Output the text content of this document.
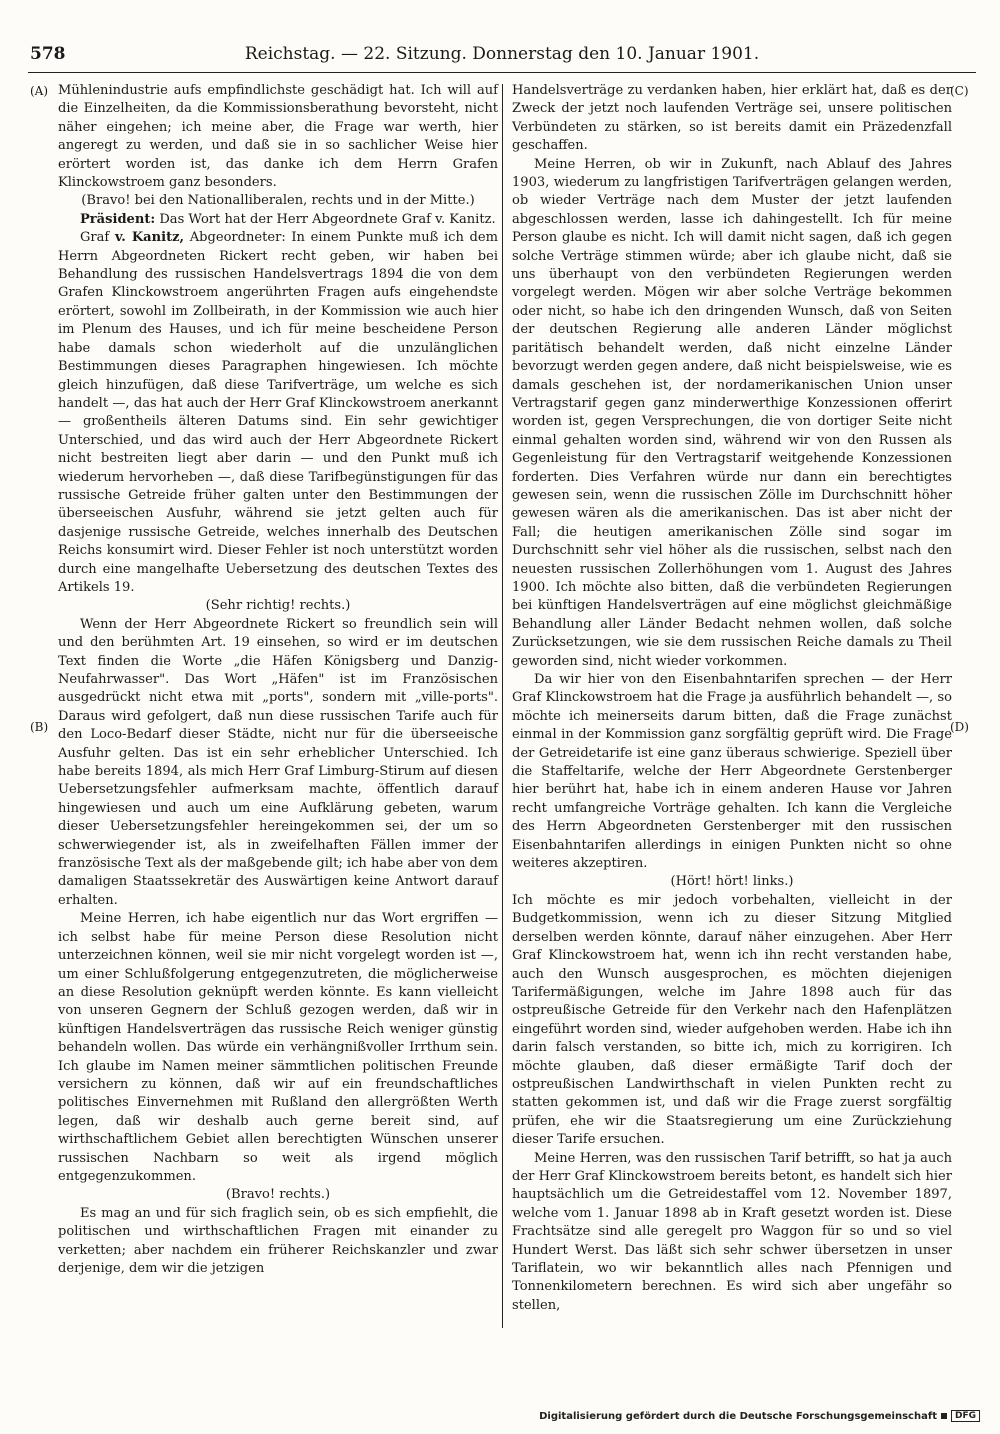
578	Reichstag. — 22. Sitzung. Donnerstag den 10. Januar 1901.
(A)
(B)
(C)
(D)

Mühlenindustrie aufs empfindlichste geschädigt hat. Ich will auf die Einzelheiten, da die Kommissionsberathung bevorsteht, nicht näher eingehen; ich meine aber, die Frage war werth, hier angeregt zu werden, und daß sie in so sachlicher Weise hier erörtert worden ist, das danke ich dem Herrn Grafen Klinckowstroem ganz besonders.

(Bravo! bei den Nationalliberalen, rechts und in der Mitte.)

Präsident: Das Wort hat der Herr Abgeordnete Graf v. Kanitz.

Graf v. Kanitz, Abgeordneter: In einem Punkte muß ich dem Herrn Abgeordneten Rickert recht geben, wir haben bei Behandlung des russischen Handelsvertrags 1894 die von dem Grafen Klinckowstroem angerührten Fragen aufs eingehendste erörtert, sowohl im Zollbeirath, in der Kommission wie auch hier im Plenum des Hauses, und ich für meine bescheidene Person habe damals schon wiederholt auf die unzulänglichen Bestimmungen dieses Paragraphen hingewiesen. Ich möchte gleich hinzufügen, daß diese Tarifverträge, um welche es sich handelt —, das hat auch der Herr Graf Klinckowstroem anerkannt — großentheils älteren Datums sind. Ein sehr gewichtiger Unterschied, und das wird auch der Herr Abgeordnete Rickert nicht bestreiten liegt aber darin — und den Punkt muß ich wiederum hervorheben —, daß diese Tarifbegünstigungen für das russische Getreide früher galten unter den Bestimmungen der überseeischen Ausfuhr, während sie jetzt gelten auch für dasjenige russische Getreide, welches innerhalb des Deutschen Reichs konsumirt wird. Dieser Fehler ist noch unterstützt worden durch eine mangelhafte Uebersetzung des deutschen Textes des Artikels 19.

(Sehr richtig! rechts.)

Wenn der Herr Abgeordnete Rickert so freundlich sein will und den berühmten Art. 19 einsehen, so wird er im deutschen Text finden die Worte „die Häfen Königsberg und Danzig-Neufahrwasser". Das Wort „Häfen" ist im Französischen ausgedrückt nicht etwa mit „ports", sondern mit „ville-ports". Daraus wird gefolgert, daß nun diese russischen Tarife auch für den Loco-Bedarf dieser Städte, nicht nur für die überseeische Ausfuhr gelten. Das ist ein sehr erheblicher Unterschied. Ich habe bereits 1894, als mich Herr Graf Limburg-Stirum auf diesen Uebersetzungsfehler aufmerksam machte, öffentlich darauf hingewiesen und auch um eine Aufklärung gebeten, warum dieser Uebersetzungsfehler hereingekommen sei, der um so schwerwiegender ist, als in zweifelhaften Fällen immer der französische Text als der maßgebende gilt; ich habe aber von dem damaligen Staatssekretär des Auswärtigen keine Antwort darauf erhalten.

Meine Herren, ich habe eigentlich nur das Wort ergriffen — ich selbst habe für meine Person diese Resolution nicht unterzeichnen können, weil sie mir nicht vorgelegt worden ist —, um einer Schlußfolgerung entgegenzutreten, die möglicherweise an diese Resolution geknüpft werden könnte. Es kann vielleicht von unseren Gegnern der Schluß gezogen werden, daß wir in künftigen Handelsverträgen das russische Reich weniger günstig behandeln wollen. Das würde ein verhängnißvoller Irrthum sein. Ich glaube im Namen meiner sämmtlichen politischen Freunde versichern zu können, daß wir auf ein freundschaftliches politisches Einvernehmen mit Rußland den allergrößten Werth legen, daß wir deshalb auch gerne bereit sind, auf wirthschaftlichem Gebiet allen berechtigten Wünschen unserer russischen Nachbarn so weit als irgend möglich entgegenzukommen.

(Bravo! rechts.)

Es mag an und für sich fraglich sein, ob es sich empfiehlt, die politischen und wirthschaftlichen Fragen mit einander zu verketten; aber nachdem ein früherer Reichskanzler und zwar derjenige, dem wir die jetzigen

Handelsverträge zu verdanken haben, hier erklärt hat, daß es der Zweck der jetzt noch laufenden Verträge sei, unsere politischen Verbündeten zu stärken, so ist bereits damit ein Präzedenzfall geschaffen.

Meine Herren, ob wir in Zukunft, nach Ablauf des Jahres 1903, wiederum zu langfristigen Tarifverträgen gelangen werden, ob wieder Verträge nach dem Muster der jetzt laufenden abgeschlossen werden, lasse ich dahingestellt. Ich für meine Person glaube es nicht. Ich will damit nicht sagen, daß ich gegen solche Verträge stimmen würde; aber ich glaube nicht, daß sie uns überhaupt von den verbündeten Regierungen werden vorgelegt werden. Mögen wir aber solche Verträge bekommen oder nicht, so habe ich den dringenden Wunsch, daß von Seiten der deutschen Regierung alle anderen Länder möglichst paritätisch behandelt werden, daß nicht einzelne Länder bevorzugt werden gegen andere, daß nicht beispielsweise, wie es damals geschehen ist, der nordamerikanischen Union unser Vertragstarif gegen ganz minderwerthige Konzessionen offerirt worden ist, gegen Versprechungen, die von dortiger Seite nicht einmal gehalten worden sind, während wir von den Russen als Gegenleistung für den Vertragstarif weitgehende Konzessionen forderten. Dies Verfahren würde nur dann ein berechtigtes gewesen sein, wenn die russischen Zölle im Durchschnitt höher gewesen wären als die amerikanischen. Das ist aber nicht der Fall; die heutigen amerikanischen Zölle sind sogar im Durchschnitt sehr viel höher als die russischen, selbst nach den neuesten russischen Zollerhöhungen vom 1. August des Jahres 1900. Ich möchte also bitten, daß die verbündeten Regierungen bei künftigen Handelsverträgen auf eine möglichst gleichmäßige Behandlung aller Länder Bedacht nehmen wollen, daß solche Zurücksetzungen, wie sie dem russischen Reiche damals zu Theil geworden sind, nicht wieder vorkommen.

Da wir hier von den Eisenbahntarifen sprechen — der Herr Graf Klinckowstroem hat die Frage ja ausführlich behandelt —, so möchte ich meinerseits darum bitten, daß die Frage zunächst einmal in der Kommission ganz sorgfältig geprüft wird. Die Frage der Getreidetarife ist eine ganz überaus schwierige. Speziell über die Staffeltarife, welche der Herr Abgeordnete Gerstenberger hier berührt hat, habe ich in einem anderen Hause vor Jahren recht umfangreiche Vorträge gehalten. Ich kann die Vergleiche des Herrn Abgeordneten Gerstenberger mit den russischen Eisenbahntarifen allerdings in einigen Punkten nicht so ohne weiteres akzeptiren.

(Hört! hört! links.)

Ich möchte es mir jedoch vorbehalten, vielleicht in der Budgetkommission, wenn ich zu dieser Sitzung Mitglied derselben werden könnte, darauf näher einzugehen. Aber Herr Graf Klinckowstroem hat, wenn ich ihn recht verstanden habe, auch den Wunsch ausgesprochen, es möchten diejenigen Tarifermäßigungen, welche im Jahre 1898 auch für das ostpreußische Getreide für den Verkehr nach den Hafenplätzen eingeführt worden sind, wieder aufgehoben werden. Habe ich ihn darin falsch verstanden, so bitte ich, mich zu korrigiren. Ich möchte glauben, daß dieser ermäßigte Tarif doch der ostpreußischen Landwirthschaft in vielen Punkten recht zu statten gekommen ist, und daß wir die Frage zuerst sorgfältig prüfen, ehe wir die Staatsregierung um eine Zurückziehung dieser Tarife ersuchen.

Meine Herren, was den russischen Tarif betrifft, so hat ja auch der Herr Graf Klinckowstroem bereits betont, es handelt sich hier hauptsächlich um die Getreidestaffel vom 12. November 1897, welche vom 1. Januar 1898 ab in Kraft gesetzt worden ist. Diese Frachtsätze sind alle geregelt pro Waggon für so und so viel Hundert Werst. Das läßt sich sehr schwer übersetzen in unser Tariflatein, wo wir bekanntlich alles nach Pfennigen und Tonnenkilometern berechnen. Es wird sich aber ungefähr so stellen,

Digitalisierung gefördert durch die Deutsche Forschungsgemeinschaft DFG
